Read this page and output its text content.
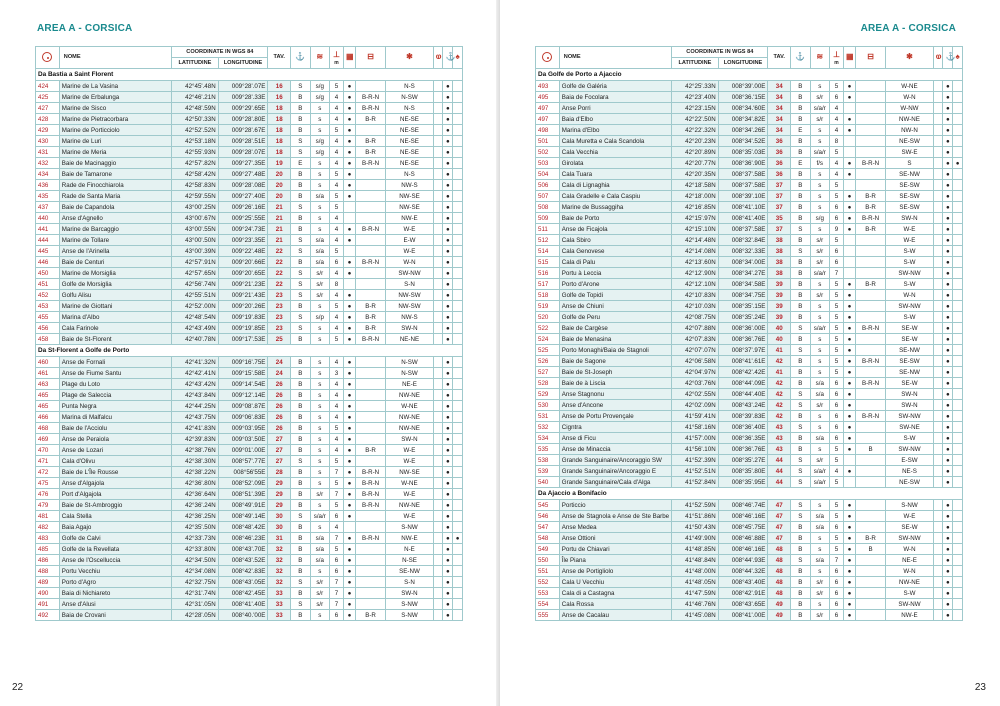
AREA A - CORSICA
	NOME	COORDINATE IN WGS 84		TAV.	⚓	≋	⊥
m	▦	⊟	✱	ⱷ	⚓	♠
		LATITUDINE	LONGITUDINE										
Da Bastia a Saint Florent													
424	Marine de La Vasina	42°45'.48N	009°28'.07E	16	S	s/g	5	●		N-S		●	
425	Marine de Erbalunga	42°46'.21N	009°28'.33E	16	B	s/g	4	●	B-R-N	N-SW		●	
427	Marine de Sisco	42°48'.59N	009°29'.65E	18	B	s	4	●	B-R-N	N-S		●	
428	Marine de Pietracorbara	42°50'.33N	009°28'.80E	18	B	s	4	●	B-R	NE-SE		●	
429	Marine de Porticciolo	42°52'.52N	009°28'.67E	18	B	s	5	●		NE-SE		●	
430	Marine de Luri	42°53'.18N	009°28'.51E	18	S	s/g	4	●	B-R	NE-SE		●	
431	Marine de Meria	42°55'.93N	009°28'.07E	18	S	s/g	4	●	B-R	NE-SE		●	
432	Baie de Macinaggio	42°57'.82N	009°27'.35E	19	E	s	4	●	B-R-N	NE-SE		●	
434	Baie de Tamarone	42°58'.42N	009°27'.48E	20	B	s	5	●		N-S		●	
436	Rade de Finocchiarola	42°58'.83N	009°28'.08E	20	B	s	4	●		NW-S		●	
435	Rade de Santa Maria	42°59'.55N	009°27'.40E	20	B	s/a	5	●		NW-SE		●	
437	Baie de Capandola	43°00'.25N	009°26'.16E	21	S	s	5			NW-SE		●	
440	Anse d'Agnello	43°00'.67N	009°25'.55E	21	B	s	4			NW-E		●	
441	Marine de Barcaggio	43°00'.55N	009°24'.73E	21	B	s	4	●	B-R-N	W-E		●	
444	Marine de Tollare	43°00'.50N	009°23'.35E	21	S	s/a	4	●		E-W		●	
445	Anse de l'Arinella	43°00'.39N	009°22'.48E	22	S	s/a	5			W-E		●	
446	Baie de Centuri	42°57'.91N	009°20'.66E	22	B	s/a	6	●	B-R-N	W-N		●	
450	Marine de Morsiglia	42°57'.65N	009°20'.65E	22	S	s/r	4	●		SW-NW		●	
451	Golfe de Morsiglia	42°56'.74N	009°21'.23E	22	S	s/r	8			S-N		●	
452	Golfu Alisu	42°55'.51N	009°21'.43E	23	S	s/r	4	●		NW-SW		●	
453	Marine de Giottani	42°52'.00N	009°20'.26E	23	B	s	5	●	B-R	NW-SW		●	
455	Marina d'Albo	42°48'.54N	009°19'.83E	23	S	s/p	4	●	B-R	NW-S		●	
456	Cala Farinole	42°43'.49N	009°19'.85E	23	S	s	4	●	B-R	SW-N		●	
458	Baie de St-Florent	42°40'.78N	009°17'.53E	25	B	s	5	●	B-R-N	NE-NE		●	
Da St-Florent a Golfe de Porto													
460	Anse de Fornali	42°41'.32N	009°16'.75E	24	B	s	4	●		N-SW		●	
461	Anse de Fiume Santu	42°42'.41N	009°15'.58E	24	B	s	3	●		N-SW		●	
463	Plage du Loto	42°43'.42N	009°14'.54E	26	B	s	4	●		NE-E		●	
465	Plage de Saleccia	42°43'.84N	009°12'.14E	26	B	s	4	●		NW-NE		●	
465	Punta Negra	42°44'.25N	009°08'.87E	26	B	s	4	●		W-NE		●	
466	Marina di Malfalcu	42°43'.75N	009°06'.83E	26	B	s	4	●		NW-NE		●	
468	Baie de l'Acciolu	42°41'.83N	009°03'.95E	26	B	s	5	●		NW-NE		●	
469	Anse de Peraiola	42°39'.83N	009°03'.50E	27	B	s	4	●		SW-N		●	
470	Anse de Lozari	42°38'.76N	009°01'.00E	27	B	s	4	●	B-R	W-E		●	
471	Cala d'Olivu	42°38'.30N	008°57'.77E	27	S	s	5	●		W-E		●	
472	Baie de L'Île Rousse	42°38'.22N	008°56'55E	28	B	s	7	●	B-R-N	NW-SE		●	
475	Anse d'Algajola	42°36'.80N	008°52'.09E	29	B	s	5	●	B-R-N	W-NE		●	
476	Port d'Algajola	42°36'.64N	008°51'.39E	29	B	s/r	7	●	B-R-N	W-E		●	
479	Baie de St-Ambroggio	42°36'.24N	008°49'.91E	29	B	s	5	●	B-R-N	NW-NE		●	
481	Cala Stella	42°36'.25N	008°49'.14E	30	S	s/a/r	6	●		W-E		●	
482	Baia Agajo	42°35'.50N	008°48'.42E	30	B	s	4			S-NW		●	
483	Golfe de Calvi	42°33'.73N	008°46'.23E	31	B	s/a	7	●	B-R-N	NW-E		●	●
485	Golfe de la Revellata	42°33'.80N	008°43'.70E	32	B	s/a	5	●		N-E		●	
486	Anse de l'Oscelluccia	42°34'.50N	008°43'.52E	32	B	s/a	6	●		N-SE		●	
488	Portu Vecchiu	42°34'.08N	008°42'.83E	32	B	s	6	●		SE-NW		●	
489	Porto d'Agro	42°32'.75N	008°43'.05E	32	S	s/r	7	●		S-N		●	
490	Baia di Nichiareto	42°31'.74N	008°42'.45E	33	B	s/r	7	●		SW-N		●	
491	Anse d'Alusi	42°31'.05N	008°41'.40E	33	S	s/r	7	●		S-NW		●	
492	Baia de Crovani	42°28'.05N	008°40.'00E	33	B	s	6	●	B-R	S-NW		●	
22
AREA A - CORSICA
	NOME	COORDINATE IN WGS 84		TAV.	⚓	≋	⊥
m	▦	⊟	✱	ⱷ	⚓	♠
		LATITUDINE	LONGITUDINE										
Da Golfe de Porto a Ajaccio													
493	Golfe de Galéria	42°25'.33N	008°39'.00E	34	B	s	5	●		W-NE		●	
495	Baia de Focolara	42°23'.40N	008°36.'15E	34	B	s/r	6	●		W-N		●	
497	Anse Porri	42°23'.15N	008°34.'60E	34	B	s/a/r	4			W-NW		●	
497	Baia d'Elbo	42°22'.50N	008°34'.82E	34	B	s/r	4	●		NW-NE		●	
498	Marina d'Elbo	42°22'.32N	008°34'.26E	34	E	s	4	●		NW-N		●	
501	Cala Muretta e Cala Scandola	42°20'.23N	008°34'.52E	36	B	s	8			NE-SW		●	
502	Cala Vecchia	42°20'.89N	008°35'.03E	36	B	s/a/r	5			SW-E		●	
503	Girolata	42°20'.77N	008°36'.90E	36	E	f/s	4	●	B-R-N	S		●	●
504	Cala Tuara	42°20'.35N	008°37'.58E	36	B	s	4	●		SE-NW		●	
506	Cala di Lignaghia	42°18'.58N	008°37'.58E	37	B	s	5			SE-SW		●	
507	Cala Gradelle e Cala Caspiu	42°18'.00N	008°39'.10E	37	B	s	5	●	B-R	SE-SW		●	
508	Marine de Bussaggiha	42°16'.85N	008°41'.10E	37	B	s	6	●	B-R	SE-SW		●	
509	Baie de Porto	42°15'.97N	008°41'.40E	35	B	s/g	6	●	B-R-N	SW-N		●	
511	Anse de Ficajola	42°15'.10N	008°37'.58E	37	S	s	9	●	B-R	W-E		●	
512	Cala Sbiro	42°14'.48N	008°32'.84E	38	B	s/r	5			W-E		●	
514	Cala Genovese	42°14'.08N	008°32'.33E	38	S	s/r	6			S-W		●	
515	Cala di Palu	42°13'.60N	008°34'.00E	38	B	s/r	6			S-W		●	
516	Portu à Leccia	42°12'.90N	008°34'.27E	38	B	s/a/r	7			SW-NW		●	
517	Porto d'Arone	42°12'.10N	008°34'.58E	39	B	s	5	●	B-R	S-W		●	
518	Golfe de Topidi	42°10'.83N	008°34'.75E	39	B	s/r	5	●		W-N		●	
519	Anse de Chiuni	42°10'.03N	008°35'.15E	39	B	s	5	●		SW-NW		●	
520	Golfe de Peru	42°08'.75N	008°35'.24E	39	B	s	5	●		S-W		●	
522	Baie de Cargèse	42°07'.88N	008°36'.00E	40	S	s/a/r	5	●	B-R-N	SE-W		●	
524	Baie de Menasina	42°07'.83N	008°36'.76E	40	B	s	5	●		SE-W		●	
525	Porto Monaghi/Baia de Stagnoli	42°07'.07N	008°37'.97E	41	S	s	5	●		SE-NW		●	
526	Baie de Sagone	42°06'.58N	008°41'.61E	42	B	s	5	●	B-R-N	SE-SW		●	
527	Baie de St-Joseph	42°04'.97N	008°42'.42E	41	B	s	5	●		SE-NW		●	
528	Baie de à Liscia	42°03'.76N	008°44'.09E	42	B	s/a	6	●	B-R-N	SE-W		●	
529	Anse Stagnonu	42°02'.55N	008°44'.40E	42	S	s/a	6	●		SW-N		●	
530	Anse d'Ancone	42°02'.09N	008°43'.24E	42	S	s/r	6	●		SW-N		●	
531	Anse de Portu Provençale	41°59'.41N	008°39'.83E	42	B	s	6	●	B-R-N	SW-NW		●	
532	Cigntra	41°58'.16N	008°36'.40E	43	S	s	6	●		SW-NE		●	
534	Anse di Ficu	41°57'.00N	008°36'.35E	43	B	s/a	6	●		S-W		●	
535	Anse de Minaccia	41°56'.10N	008°36'.76E	43	B	s	5	●	B	SW-NW		●	
538	Grande Sanguinaire/Ancoraggio SW	41°52'.39N	008°35'.27E	44	S	s/r	5			E-SW		●	
539	Grande Sanguinaire/Ancoraggio E	41°52'.51N	008°35'.80E	44	S	s/a/r	4	●		NE-S		●	
540	Grande Sanguinaire/Cala d'Alga	41°52'.84N	008°35'.95E	44	S	s/a/r	5			NE-SW		●	
Da Ajaccio a Bonifacio													
545	Porticcio	41°52'.59N	008°46'.74E	47	S	s	5	●		S-NW		●	
546	Anse de Stagnola e Anse de Ste Barbe	41°51'.86N	008°46'.16E	47	S	s/a	5	●		W-E		●	
547	Anse Medea	41°50'.43N	008°45'.75E	47	B	s/a	6	●		SE-W		●	
548	Anse Ottioni	41°49'.90N	008°46'.88E	47	B	s	5	●	B-R	SW-NW		●	
549	Portu de Chiavari	41°48'.85N	008°46'.16E	48	B	s	5	●	B	W-N		●	
550	Île Piana	41°48'.84N	008°44'.93E	48	S	s/a	7	●		NE-E		●	
551	Anse de Portigliolo	41°48'.00N	008°44'.32E	48	B	s	6	●		W-N		●	
552	Cala U Vecchiu	41°48'.05N	008°43'.40E	48	B	s/r	6	●		NW-NE		●	
553	Cala di a Castagna	41°47'.59N	008°42'.91E	48	B	s/r	6	●		S-W		●	
554	Cala Rossa	41°46'.76N	008°43'.65E	49	B	s	6	●		SW-NW		●	
555	Anse de Cacalau	41°45'.08N	008°41'.00E	49	B	s/r	6	●		NW-E		●	
23
